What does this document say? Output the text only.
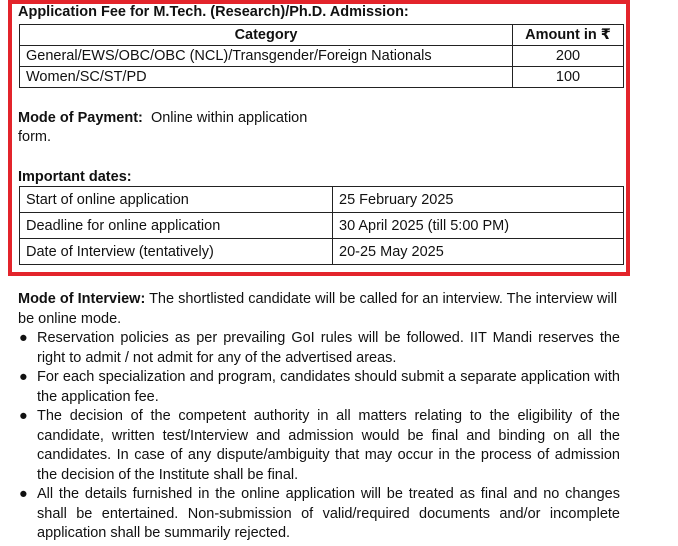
Application Fee for M.Tech. (Research)/Ph.D. Admission:
Category	Amount in ₹
General/EWS/OBC/OBC (NCL)/Transgender/Foreign Nationals	200
Women/SC/ST/PD	100
Mode of Payment: Online within application form.
Important dates:
Start of online application	25 February 2025
Deadline for online application	30 April 2025 (till 5:00 PM)
Date of Interview (tentatively)	20-25 May 2025

Mode of Interview: The shortlisted candidate will be called for an interview. The interview will be online mode.

● Reservation policies as per prevailing GoI rules will be followed. IIT Mandi reserves the right to admit / not admit for any of the advertised areas.
● For each specialization and program, candidates should submit a separate application with the application fee.
● The decision of the competent authority in all matters relating to the eligibility of the candidate, written test/Interview and admission would be final and binding on all the candidates. In case of any dispute/ambiguity that may occur in the process of admission the decision of the Institute shall be final.
● All the details furnished in the online application will be treated as final and no changes shall be entertained. Non-submission of valid/required documents and/or incomplete application shall be summarily rejected.
